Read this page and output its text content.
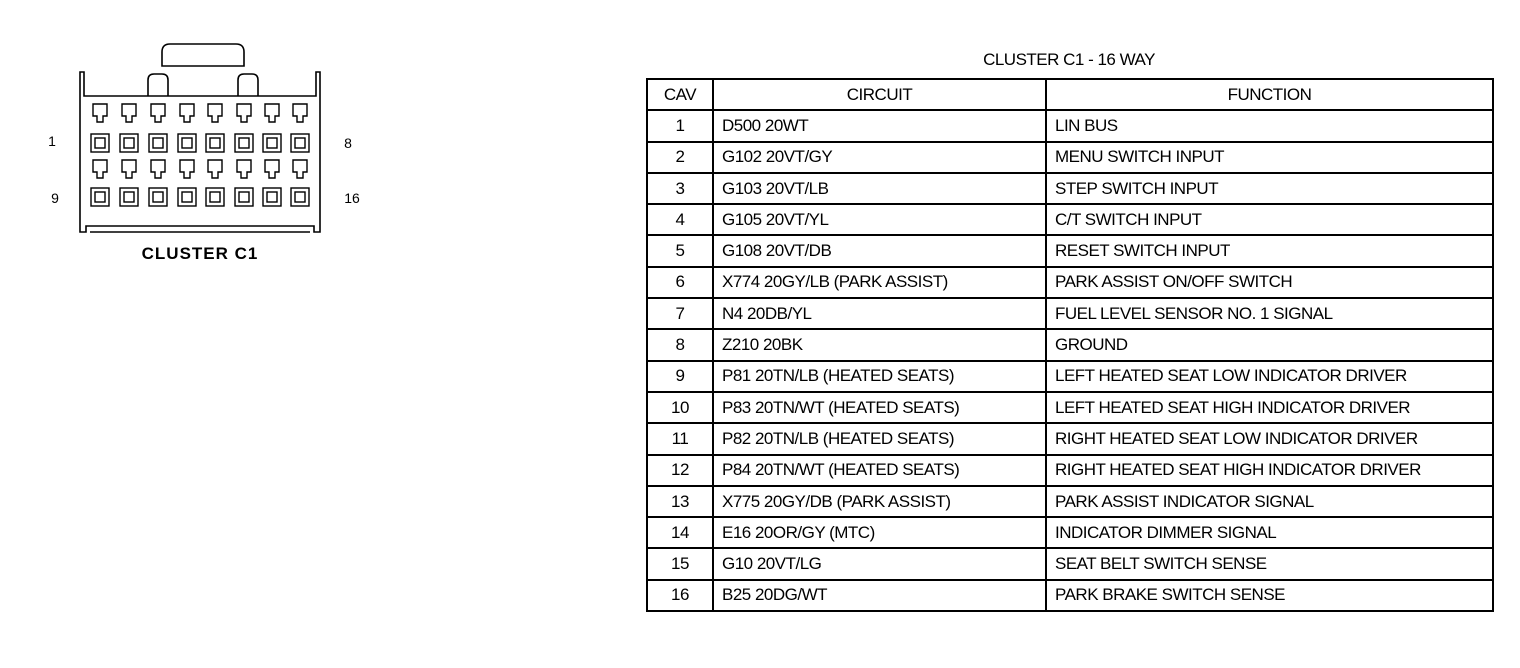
1	8
9	16
CLUSTER C1
CLUSTER C1 - 16 WAY
CAV	CIRCUIT	FUNCTION
1	D500 20WT	LIN BUS
2	G102 20VT/GY	MENU SWITCH INPUT
3	G103 20VT/LB	STEP SWITCH INPUT
4	G105 20VT/YL	C/T SWITCH INPUT
5	G108 20VT/DB	RESET SWITCH INPUT
6	X774 20GY/LB (PARK ASSIST)	PARK ASSIST ON/OFF SWITCH
7	N4 20DB/YL	FUEL LEVEL SENSOR NO. 1 SIGNAL
8	Z210 20BK	GROUND
9	P81 20TN/LB (HEATED SEATS)	LEFT HEATED SEAT LOW INDICATOR DRIVER
10	P83 20TN/WT (HEATED SEATS)	LEFT HEATED SEAT HIGH INDICATOR DRIVER
11	P82 20TN/LB (HEATED SEATS)	RIGHT HEATED SEAT LOW INDICATOR DRIVER
12	P84 20TN/WT (HEATED SEATS)	RIGHT HEATED SEAT HIGH INDICATOR DRIVER
13	X775 20GY/DB (PARK ASSIST)	PARK ASSIST INDICATOR SIGNAL
14	E16 20OR/GY (MTC)	INDICATOR DIMMER SIGNAL
15	G10 20VT/LG	SEAT BELT SWITCH SENSE
16	B25 20DG/WT	PARK BRAKE SWITCH SENSE
